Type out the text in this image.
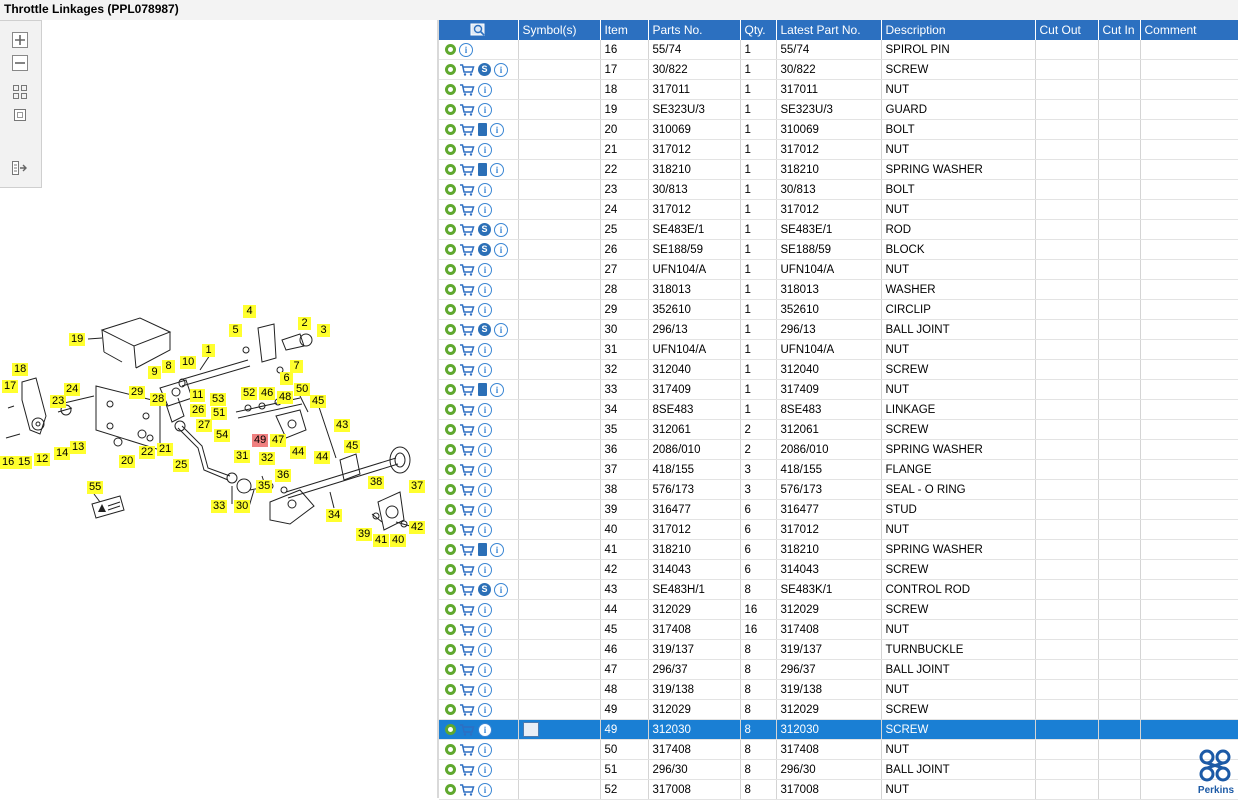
Throttle Linkages (PPL078987)
1
2
3
4
5
6
7
8
9
10
11
12
13
14
15
16
17
18
19
20
21
22
23
24
25
26
27
28
29
30
31 32
33
34
35
36
37
38
39 40
41
42
43
44
45
45
44
46
47
48
49
50
51
52
53
54
55
	Symbol(s)	Item	Parts No.	Qty.	Latest Part No.	Description	Cut Out	Cut In	Comment
i		16	55/74	1	55/74	SPIROL PIN			
S i		17	30/822	1	30/822	SCREW			
i		18	317011	1	317011	NUT			
i		19	SE323U/3	1	SE323U/3	GUARD			
i		20	310069	1	310069	BOLT			
i		21	317012	1	317012	NUT			
i		22	318210	1	318210	SPRING WASHER			
i		23	30/813	1	30/813	BOLT			
i		24	317012	1	317012	NUT			
S i		25	SE483E/1	1	SE483E/1	ROD			
S i		26	SE188/59	1	SE188/59	BLOCK			
i		27	UFN104/A	1	UFN104/A	NUT			
i		28	318013	1	318013	WASHER			
i		29	352610	1	352610	CIRCLIP			
S i		30	296/13	1	296/13	BALL JOINT			
i		31	UFN104/A	1	UFN104/A	NUT			
i		32	312040	1	312040	SCREW			
i		33	317409	1	317409	NUT			
i		34	8SE483	1	8SE483	LINKAGE			
i		35	312061	2	312061	SCREW			
i		36	2086/010	2	2086/010	SPRING WASHER			
i		37	418/155	3	418/155	FLANGE			
i		38	576/173	3	576/173	SEAL - O RING			
i		39	316477	6	316477	STUD			
i		40	317012	6	317012	NUT			
i		41	318210	6	318210	SPRING WASHER			
i		42	314043	6	314043	SCREW			
S i		43	SE483H/1	8	SE483K/1	CONTROL ROD			
i		44	312029	16	312029	SCREW			
i		45	317408	16	317408	NUT			
i		46	319/137	8	319/137	TURNBUCKLE			
i		47	296/37	8	296/37	BALL JOINT			
i		48	319/138	8	319/138	NUT			
i		49	312029	8	312029	SCREW			
i		49	312030	8	312030	SCREW			
i		50	317408	8	317408	NUT			
i		51	296/30	8	296/30	BALL JOINT			
i		52	317008	8	317008	NUT				Perkins
